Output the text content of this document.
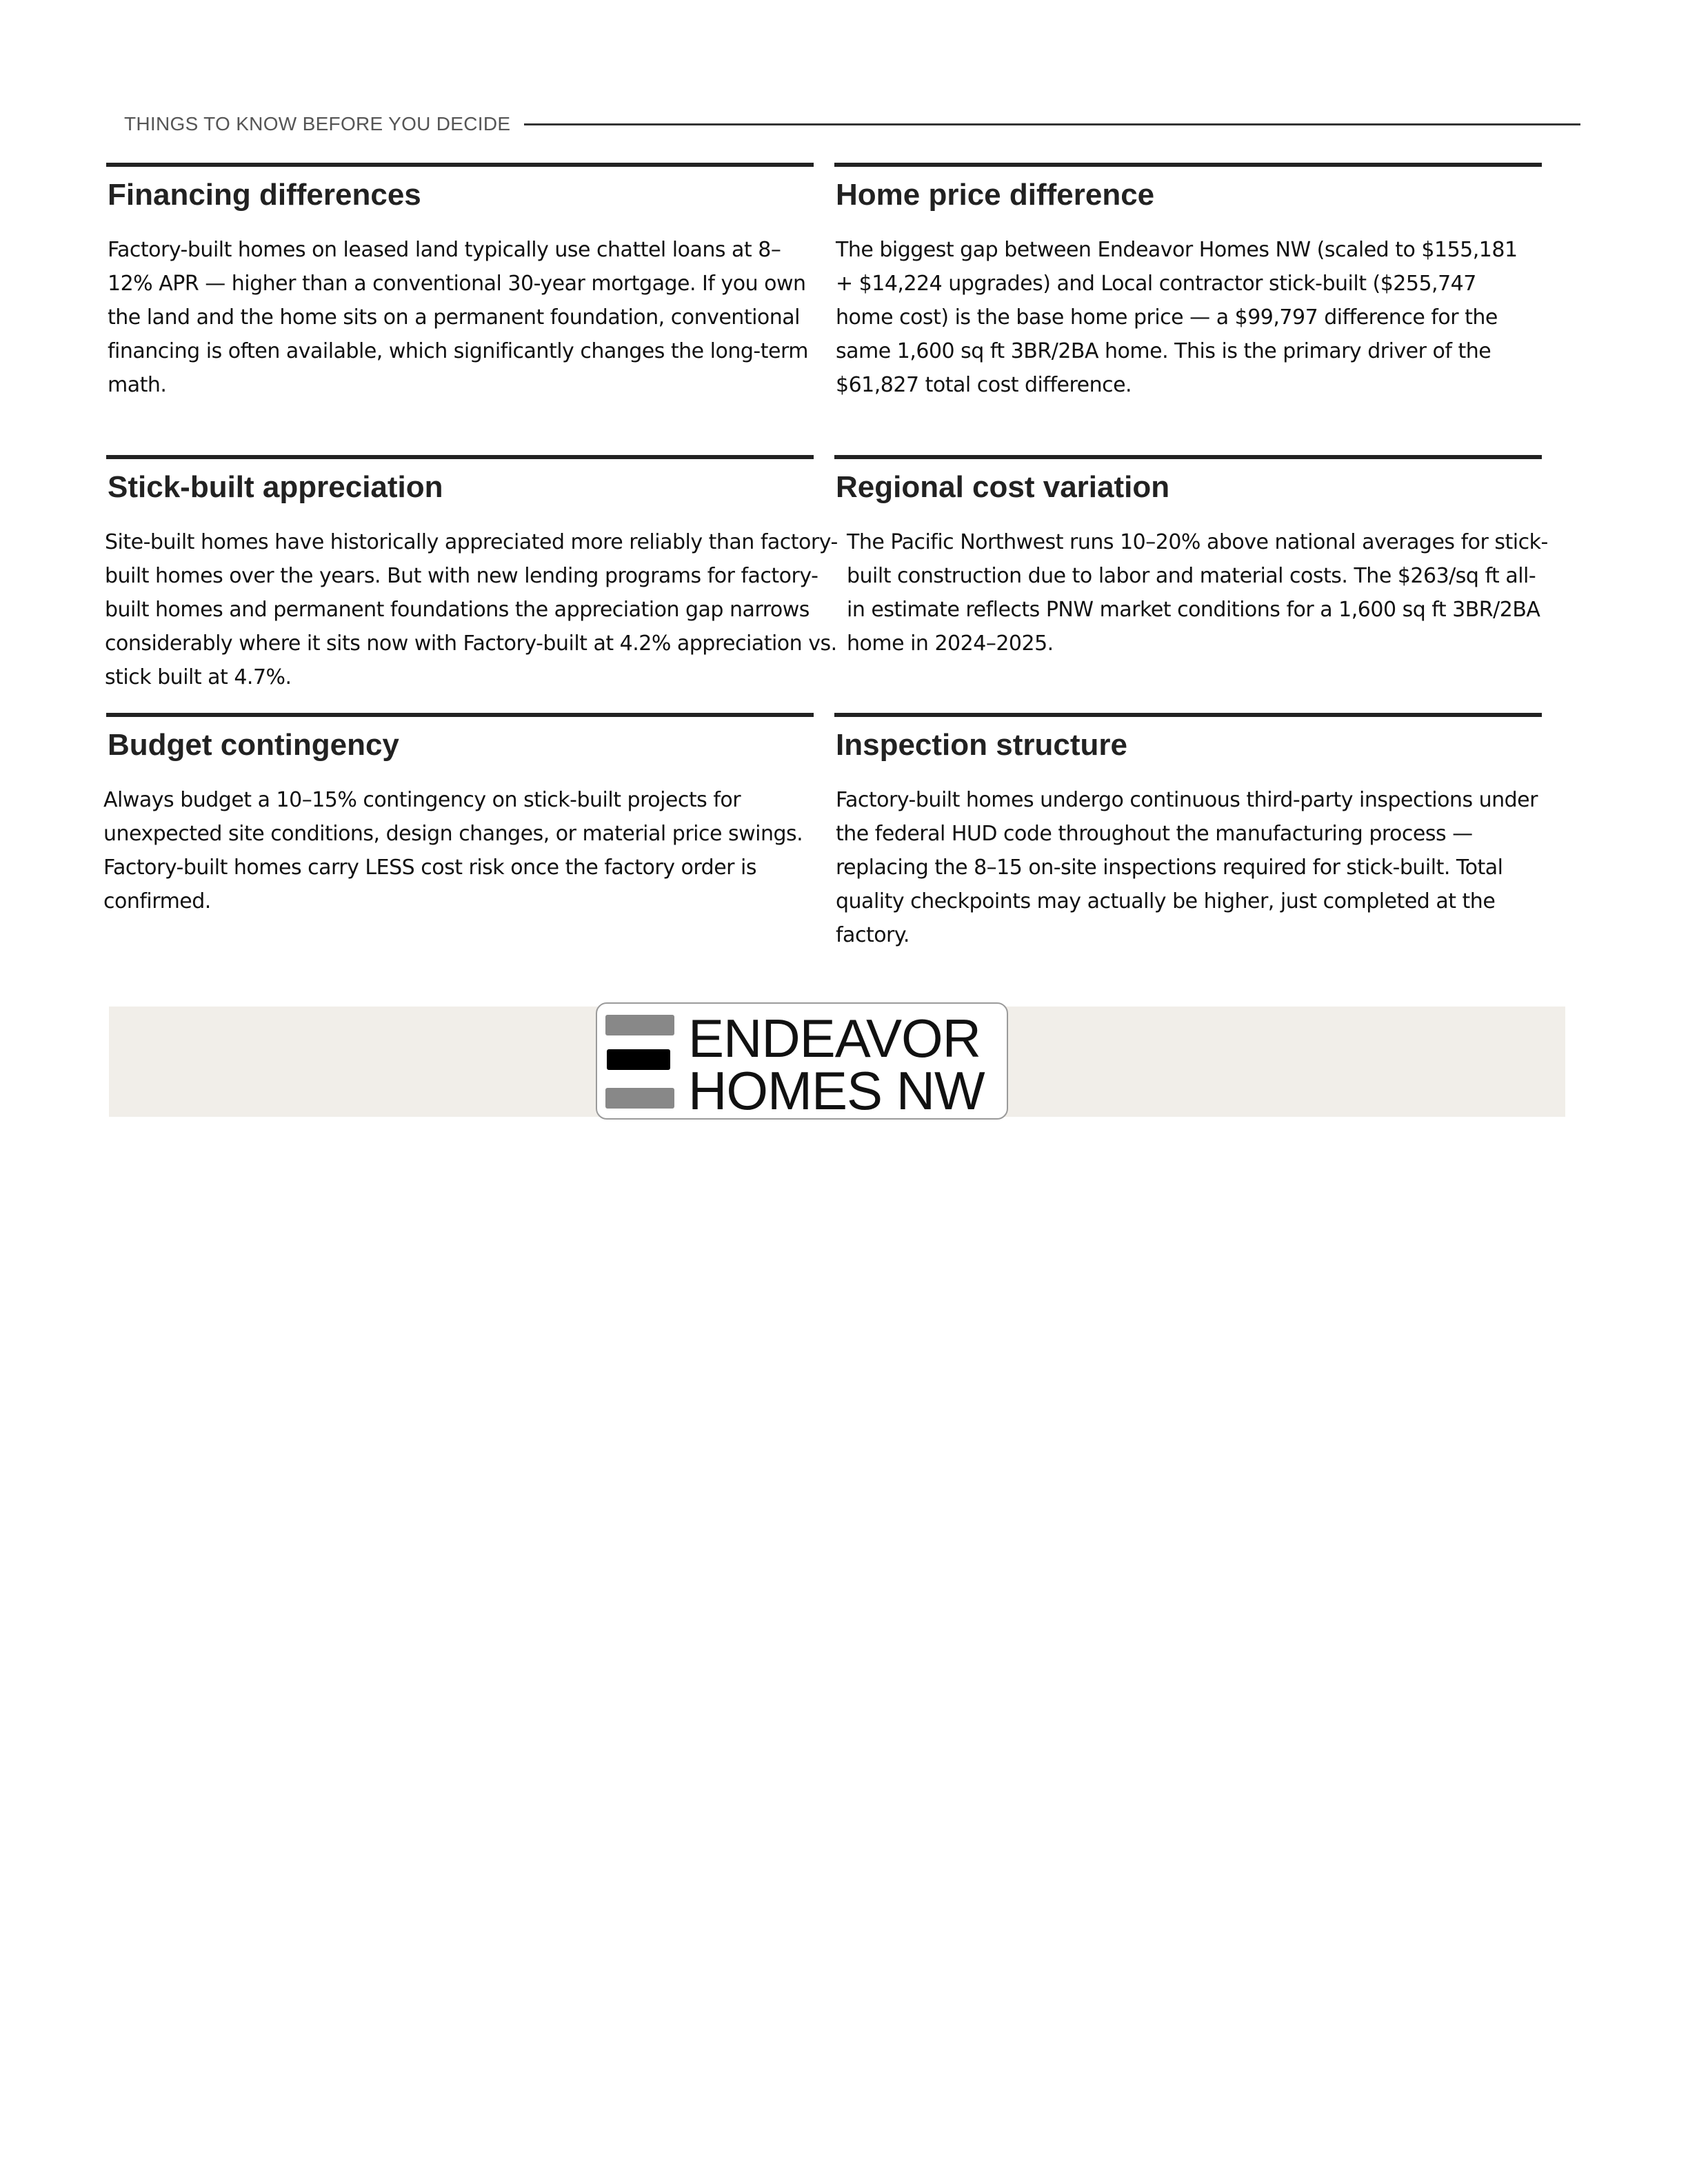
THINGS TO KNOW BEFORE YOU DECIDE
Financing differences
Factory-built homes on leased land typically use chattel loans at 8–12% APR — higher than a conventional 30-year mortgage. If you own the land and the home sits on a permanent foundation, conventional financing is often available, which significantly changes the long-term math.
Home price difference
The biggest gap between Endeavor Homes NW (scaled to $155,181 + $14,224 upgrades) and Local contractor stick-built ($255,747 home cost) is the base home price — a $99,797 difference for the same 1,600 sq ft 3BR/2BA home. This is the primary driver of the $61,827 total cost difference.
Stick-built appreciation
Site-built homes have historically appreciated more reliably than factory-built homes over the years. But with new lending programs for factory-built homes and permanent foundations the appreciation gap narrows considerably where it sits now with Factory-built at 4.2% appreciation vs. stick built at 4.7%.
Regional cost variation
The Pacific Northwest runs 10–20% above national averages for stick-built construction due to labor and material costs. The $263/sq ft all-in estimate reflects PNW market conditions for a 1,600 sq ft 3BR/2BA home in 2024–2025.
Budget contingency
Always budget a 10–15% contingency on stick-built projects for unexpected site conditions, design changes, or material price swings. Factory-built homes carry LESS cost risk once the factory order is confirmed.
Inspection structure
Factory-built homes undergo continuous third-party inspections under the federal HUD code throughout the manufacturing process — replacing the 8–15 on-site inspections required for stick-built. Total quality checkpoints may actually be higher, just completed at the factory.
ENDEAVOR
HOMES NW
